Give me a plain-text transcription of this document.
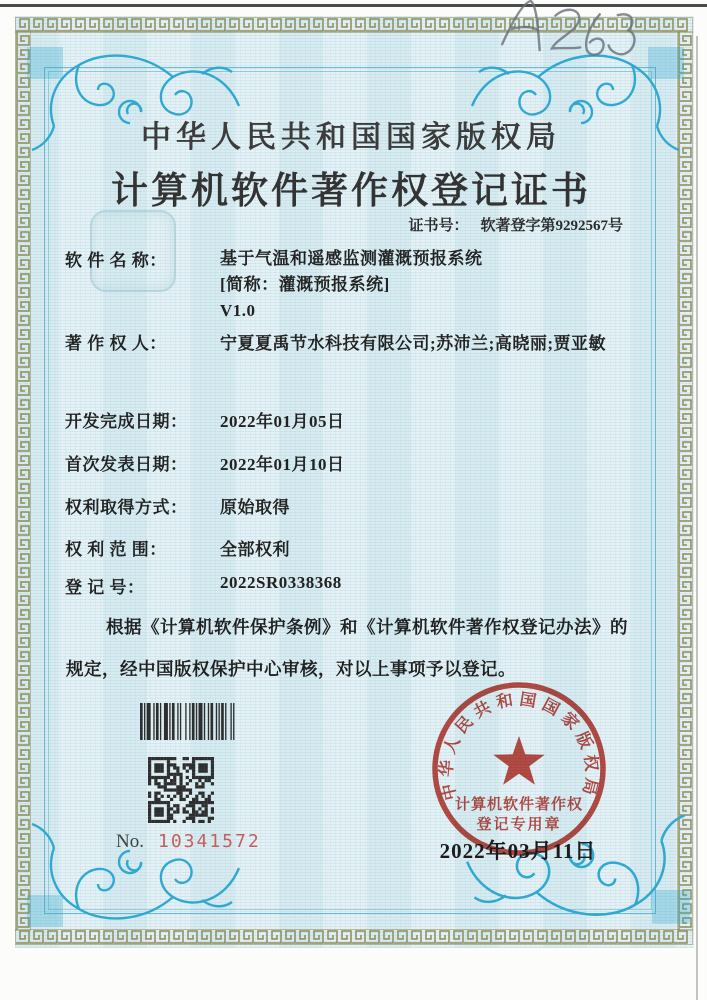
中华人民共和国国家版权局
计算机软件著作权登记证书
证书号： 软著登字第9292567号
软 件 名 称：	基于气温和遥感监测灌溉预报系统
[简称：灌溉预报系统]
V1.0
著 作 权 人：	宁夏夏禹节水科技有限公司;苏沛兰;高晓丽;贾亚敏
开发完成日期： 2022年01月05日
首次发表日期： 2022年01月10日
权利取得方式： 原始取得
权 利 范 围：	全部权利
登 记 号：	2022SR0338368
根据《计算机软件保护条例》和《计算机软件著作权登记办法》的
规定，经中国版权保护中心审核，对以上事项予以登记。
No. 10341572
中华人民共和国国家版权局
计算机软件著作权
登记专用章
2022年03月11日
